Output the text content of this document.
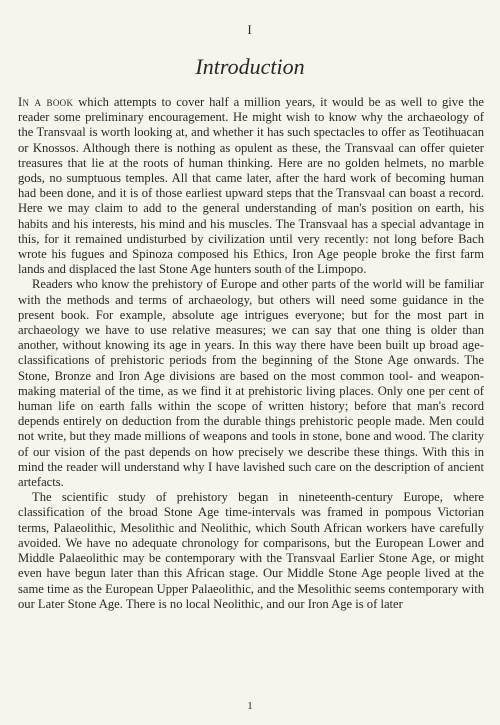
I
Introduction

In a book which attempts to cover half a million years, it would be as well to give the reader some preliminary encouragement. He might wish to know why the archaeology of the Transvaal is worth looking at, and whether it has such spectacles to offer as Teotihuacan or Knossos. Although there is nothing as opulent as these, the Transvaal can offer quieter treasures that lie at the roots of human thinking. Here are no golden helmets, no marble gods, no sumptuous temples. All that came later, after the hard work of becoming human had been done, and it is of those earliest upward steps that the Transvaal can boast a record. Here we may claim to add to the general understanding of man's position on earth, his habits and his interests, his mind and his muscles. The Transvaal has a special advantage in this, for it remained undisturbed by civilization until very recently: not long before Bach wrote his fugues and Spinoza composed his Ethics, Iron Age people broke the first farm lands and displaced the last Stone Age hunters south of the Limpopo.

Readers who know the prehistory of Europe and other parts of the world will be familiar with the methods and terms of archaeology, but others will need some guidance in the present book. For example, absolute age intrigues everyone; but for the most part in archaeology we have to use relative measures; we can say that one thing is older than another, without knowing its age in years. In this way there have been built up broad age-classifications of prehistoric periods from the beginning of the Stone Age onwards. The Stone, Bronze and Iron Age divisions are based on the most common tool- and weapon-making material of the time, as we find it at prehistoric living places. Only one per cent of human life on earth falls within the scope of written history; before that man's record depends entirely on deduction from the durable things prehistoric people made. Men could not write, but they made millions of weapons and tools in stone, bone and wood. The clarity of our vision of the past depends on how precisely we describe these things. With this in mind the reader will understand why I have lavished such care on the description of ancient artefacts.

The scientific study of prehistory began in nineteenth-century Europe, where classification of the broad Stone Age time-intervals was framed in pompous Victorian terms, Palaeolithic, Mesolithic and Neolithic, which South African workers have carefully avoided. We have no adequate chronology for comparisons, but the European Lower and Middle Palaeolithic may be contemporary with the Transvaal Earlier Stone Age, or might even have begun later than this African stage. Our Middle Stone Age people lived at the same time as the European Upper Palaeolithic, and the Mesolithic seems contemporary with our Later Stone Age. There is no local Neolithic, and our Iron Age is of later

1
